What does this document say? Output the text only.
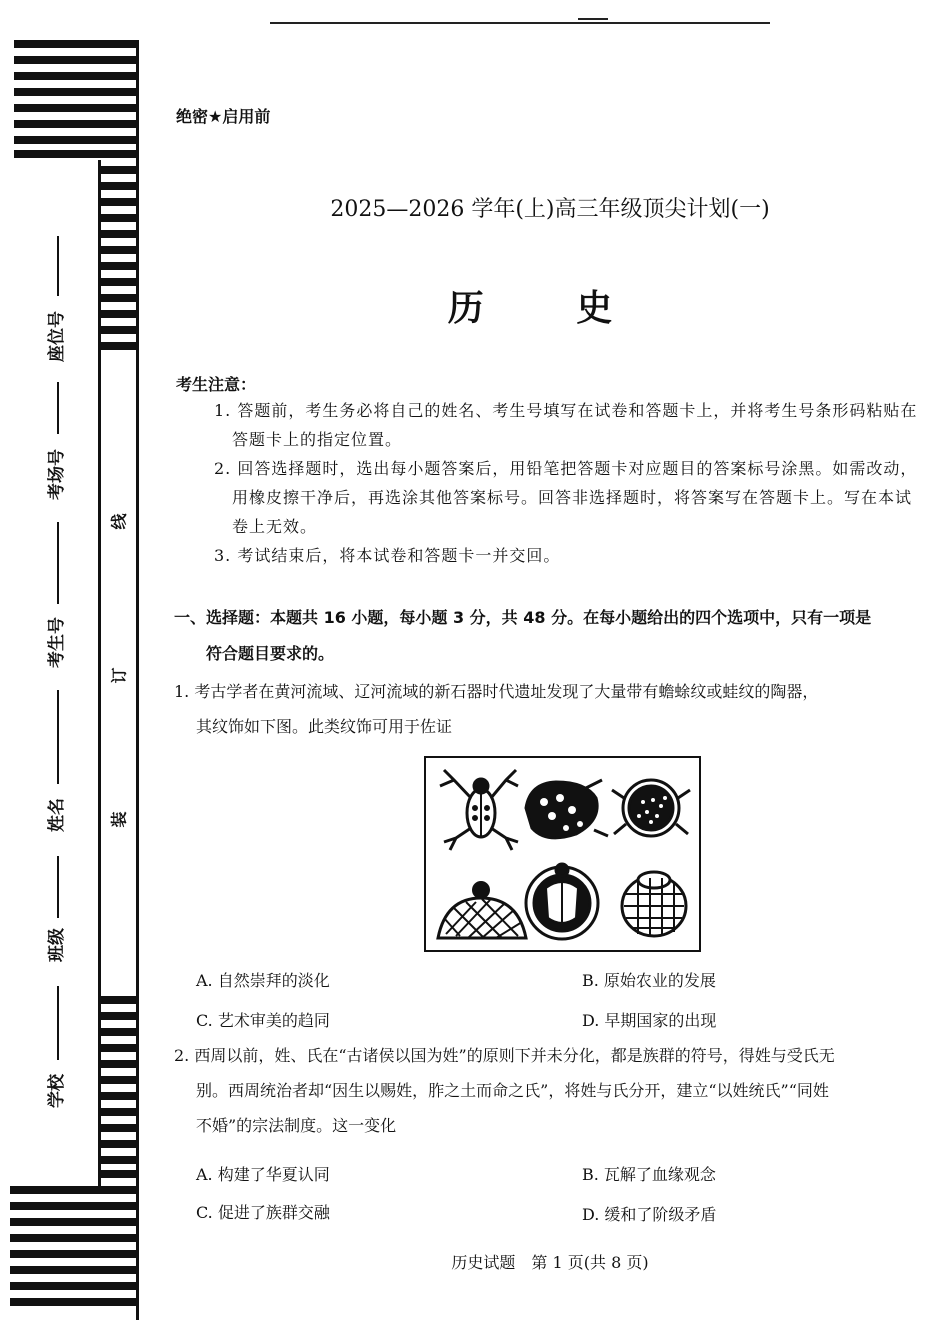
座位号
考场号
考生号
姓名
班级
学校
线
订
装
绝密★启用前
2025—2026 学年(上)高三年级顶尖计划(一)
历 史
考生注意：
1. 答题前，考生务必将自己的姓名、考生号填写在试卷和答题卡上，并将考生号条形码粘贴在答题卡上的指定位置。
2. 回答选择题时，选出每小题答案后，用铅笔把答题卡对应题目的答案标号涂黑。如需改动，用橡皮擦干净后，再选涂其他答案标号。回答非选择题时，将答案写在答题卡上。写在本试卷上无效。
3. 考试结束后，将本试卷和答题卡一并交回。
一、选择题：本题共 16 小题，每小题 3 分，共 48 分。在每小题给出的四个选项中，只有一项是
符合题目要求的。
1. 考古学者在黄河流域、辽河流域的新石器时代遗址发现了大量带有蟾蜍纹或蛙纹的陶器，
其纹饰如下图。此类纹饰可用于佐证
A. 自然崇拜的淡化	B. 原始农业的发展
C. 艺术审美的趋同	D. 早期国家的出现
2. 西周以前，姓、氏在“古诸侯以国为姓”的原则下并未分化，都是族群的符号，得姓与受氏无
别。西周统治者却“因生以赐姓，胙之土而命之氏”，将姓与氏分开，建立“以姓统氏”“同姓
不婚”的宗法制度。这一变化
A. 构建了华夏认同	B. 瓦解了血缘观念
C. 促进了族群交融	D. 缓和了阶级矛盾
历史试题　第 1 页(共 8 页)
